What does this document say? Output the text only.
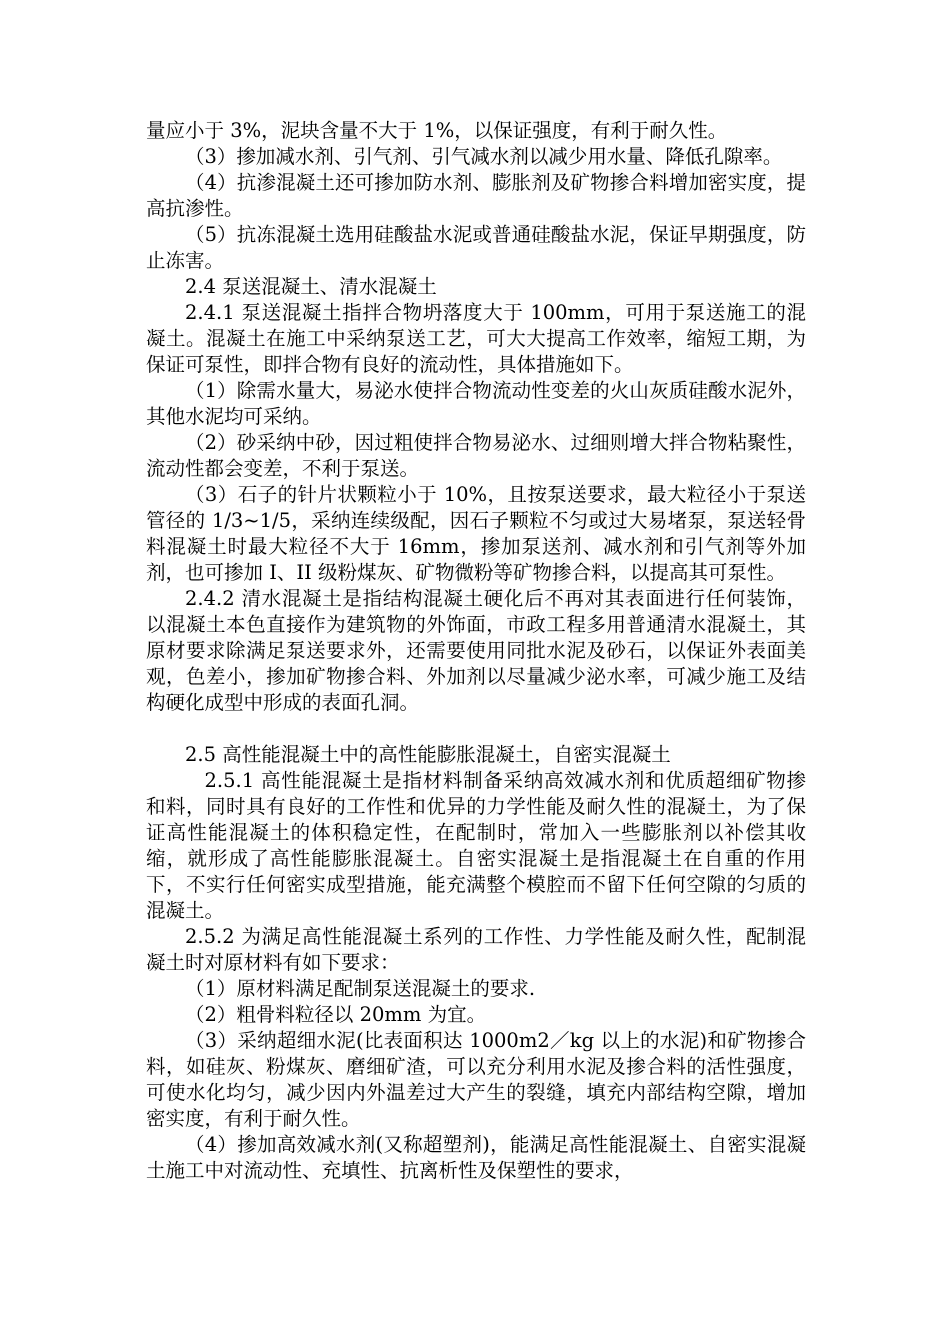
量应小于 3%，泥块含量不大于 1%，以保证强度，有利于耐久性。

（3）掺加减水剂、引气剂、引气减水剂以减少用水量、降低孔隙率。

（4）抗渗混凝土还可掺加防水剂、膨胀剂及矿物掺合料增加密实度，提高抗渗性。

（5）抗冻混凝土选用硅酸盐水泥或普通硅酸盐水泥，保证早期强度，防止冻害。

2.4 泵送混凝土、清水混凝土

2.4.1 泵送混凝土指拌合物坍落度大于 100mm，可用于泵送施工的混凝土。混凝土在施工中采纳泵送工艺，可大大提高工作效率，缩短工期，为保证可泵性，即拌合物有良好的流动性，具体措施如下。

（1）除需水量大，易泌水使拌合物流动性变差的火山灰质硅酸水泥外，其他水泥均可采纳。

（2）砂采纳中砂，因过粗使拌合物易泌水、过细则增大拌合物粘聚性，流动性都会变差，不利于泵送。

（3）石子的针片状颗粒小于 10%，且按泵送要求，最大粒径小于泵送管径的 1/3~1/5，采纳连续级配，因石子颗粒不匀或过大易堵泵，泵送轻骨料混凝土时最大粒径不大于 16mm，掺加泵送剂、减水剂和引气剂等外加剂，也可掺加 I、II 级粉煤灰、矿物微粉等矿物掺合料，以提高其可泵性。

2.4.2 清水混凝土是指结构混凝土硬化后不再对其表面进行任何装饰，以混凝土本色直接作为建筑物的外饰面，市政工程多用普通清水混凝土，其原材要求除满足泵送要求外，还需要使用同批水泥及砂石，以保证外表面美观，色差小，掺加矿物掺合料、外加剂以尽量减少泌水率，可减少施工及结构硬化成型中形成的表面孔洞。

2.5 高性能混凝土中的高性能膨胀混凝土，自密实混凝土

2.5.1 高性能混凝土是指材料制备采纳高效减水剂和优质超细矿物掺和料，同时具有良好的工作性和优异的力学性能及耐久性的混凝土，为了保证高性能混凝土的体积稳定性，在配制时，常加入一些膨胀剂以补偿其收缩，就形成了高性能膨胀混凝土。自密实混凝土是指混凝土在自重的作用下，不实行任何密实成型措施，能充满整个模腔而不留下任何空隙的匀质的混凝土。

2.5.2 为满足高性能混凝土系列的工作性、力学性能及耐久性，配制混凝土时对原材料有如下要求：

（1）原材料满足配制泵送混凝土的要求.

（2）粗骨料粒径以 20mm 为宜。

（3）采纳超细水泥(比表面积达 1000m2／kg 以上的水泥)和矿物掺合料，如硅灰、粉煤灰、磨细矿渣，可以充分利用水泥及掺合料的活性强度，可使水化均匀，减少因内外温差过大产生的裂缝，填充内部结构空隙，增加密实度，有利于耐久性。

（4）掺加高效减水剂(又称超塑剂)，能满足高性能混凝土、自密实混凝土施工中对流动性、充填性、抗离析性及保塑性的要求，
